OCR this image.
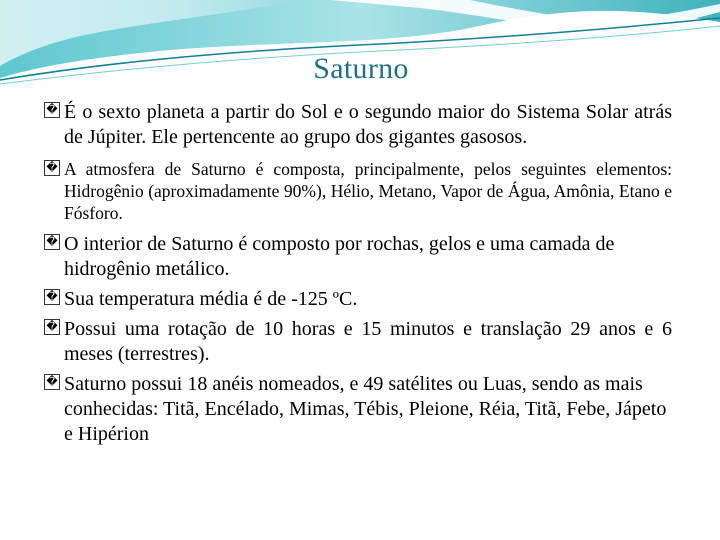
Saturno
� É o sexto planeta a partir do Sol e o segundo maior do Sistema Solar atrás de Júpiter. Ele pertencente ao grupo dos gigantes gasosos.
� A atmosfera de Saturno é composta, principalmente, pelos seguintes elementos: Hidrogênio (aproximadamente 90%), Hélio, Metano, Vapor de Água, Amônia, Etano e Fósforo.
� O interior de Saturno é composto por rochas, gelos e uma camada de hidrogênio metálico.
� Sua temperatura média é de -125 ºC.
� Possui uma rotação de 10 horas e 15 minutos e translação 29 anos e 6 meses (terrestres).
� Saturno possui 18 anéis nomeados, e 49 satélites ou Luas, sendo as mais conhecidas: Titã, Encélado, Mimas, Tébis, Pleione, Réia, Titã, Febe, Jápeto e Hipérion
